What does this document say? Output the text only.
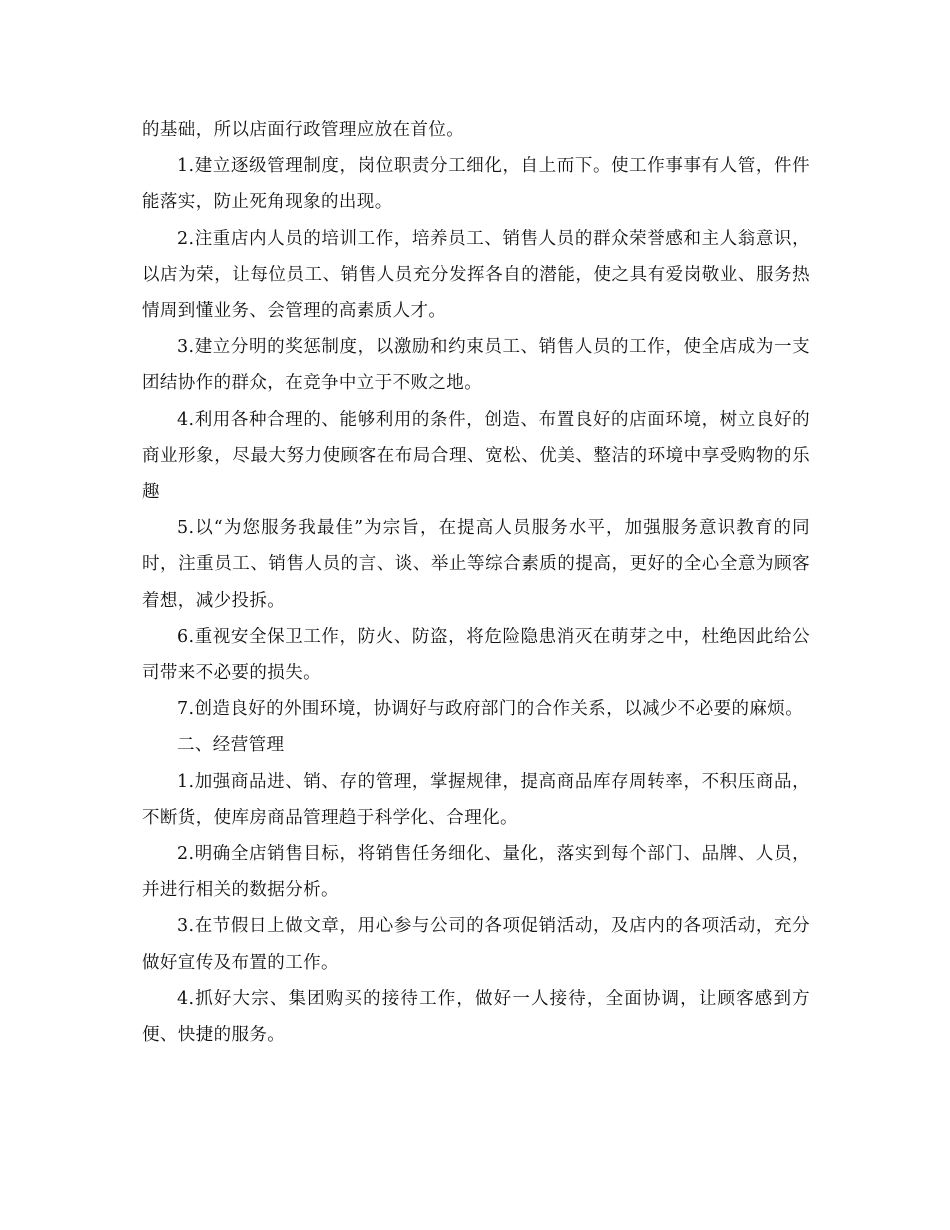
的基础，所以店面行政管理应放在首位。

1.建立逐级管理制度，岗位职责分工细化，自上而下。使工作事事有人管，件件能落实，防止死角现象的出现。

2.注重店内人员的培训工作，培养员工、销售人员的群众荣誉感和主人翁意识，以店为荣，让每位员工、销售人员充分发挥各自的潜能，使之具有爱岗敬业、服务热情周到懂业务、会管理的高素质人才。

3.建立分明的奖惩制度，以激励和约束员工、销售人员的工作，使全店成为一支团结协作的群众，在竞争中立于不败之地。

4.利用各种合理的、能够利用的条件，创造、布置良好的店面环境，树立良好的商业形象，尽最大努力使顾客在布局合理、宽松、优美、整洁的环境中享受购物的乐趣

5.以“为您服务我最佳”为宗旨，在提高人员服务水平，加强服务意识教育的同时，注重员工、销售人员的言、谈、举止等综合素质的提高，更好的全心全意为顾客着想，减少投拆。

6.重视安全保卫工作，防火、防盗，将危险隐患消灭在萌芽之中，杜绝因此给公司带来不必要的损失。

7.创造良好的外围环境，协调好与政府部门的合作关系，以减少不必要的麻烦。

二、经营管理

1.加强商品进、销、存的管理，掌握规律，提高商品库存周转率，不积压商品，不断货，使库房商品管理趋于科学化、合理化。

2.明确全店销售目标，将销售任务细化、量化，落实到每个部门、品牌、人员，并进行相关的数据分析。

3.在节假日上做文章，用心参与公司的各项促销活动，及店内的各项活动，充分做好宣传及布置的工作。

4.抓好大宗、集团购买的接待工作，做好一人接待，全面协调，让顾客感到方便、快捷的服务。
